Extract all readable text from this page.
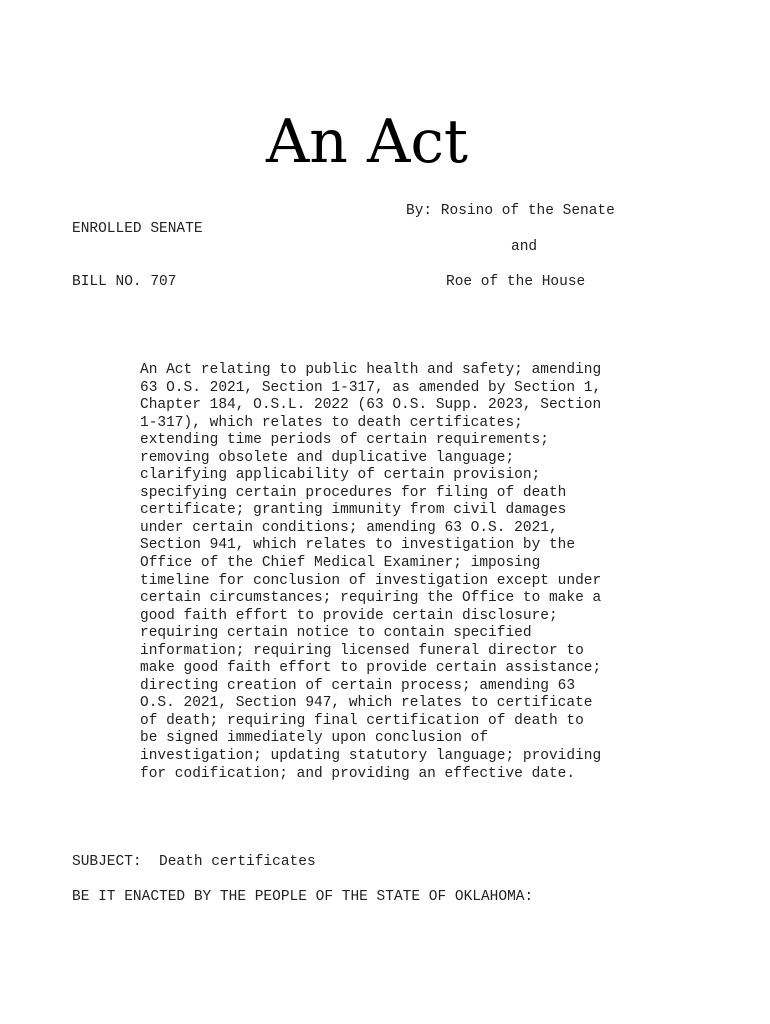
An Act

ENROLLED SENATE

BILL NO. 707

By: Rosino of the Senate

and

Roe of the House

An Act relating to public health and safety; amending
63 O.S. 2021, Section 1-317, as amended by Section 1,
Chapter 184, O.S.L. 2022 (63 O.S. Supp. 2023, Section
1-317), which relates to death certificates;
extending time periods of certain requirements;
removing obsolete and duplicative language;
clarifying applicability of certain provision;
specifying certain procedures for filing of death
certificate; granting immunity from civil damages
under certain conditions; amending 63 O.S. 2021,
Section 941, which relates to investigation by the
Office of the Chief Medical Examiner; imposing
timeline for conclusion of investigation except under
certain circumstances; requiring the Office to make a
good faith effort to provide certain disclosure;
requiring certain notice to contain specified
information; requiring licensed funeral director to
make good faith effort to provide certain assistance;
directing creation of certain process; amending 63
O.S. 2021, Section 947, which relates to certificate
of death; requiring final certification of death to
be signed immediately upon conclusion of
investigation; updating statutory language; providing
for codification; and providing an effective date.
SUBJECT:  Death certificates
BE IT ENACTED BY THE PEOPLE OF THE STATE OF OKLAHOMA:
